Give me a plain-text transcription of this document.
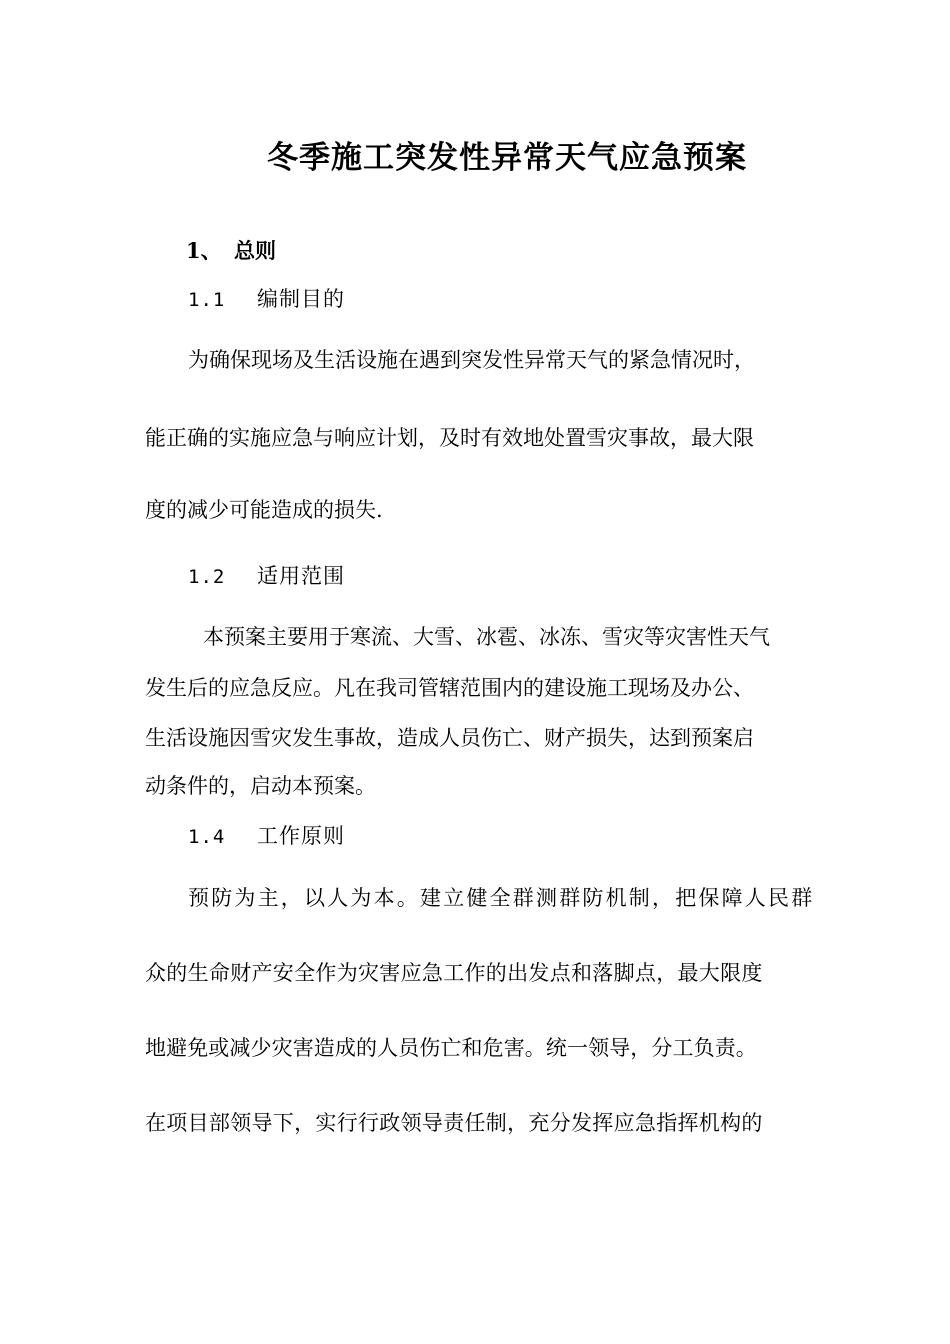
冬季施工突发性异常天气应急预案
1、 总则
1.1 编制目的
为确保现场及生活设施在遇到突发性异常天气的紧急情况时，
能正确的实施应急与响应计划，及时有效地处置雪灾事故，最大限
度的减少可能造成的损失.
1.2 适用范围
本预案主要用于寒流、大雪、冰雹、冰冻、雪灾等灾害性天气
发生后的应急反应。凡在我司管辖范围内的建设施工现场及办公、
生活设施因雪灾发生事故，造成人员伤亡、财产损失，达到预案启
动条件的，启动本预案。
1.4 工作原则
预防为主，以人为本。建立健全群测群防机制，把保障人民群
众的生命财产安全作为灾害应急工作的出发点和落脚点，最大限度
地避免或减少灾害造成的人员伤亡和危害。统一领导，分工负责。
在项目部领导下，实行行政领导责任制，充分发挥应急指挥机构的
